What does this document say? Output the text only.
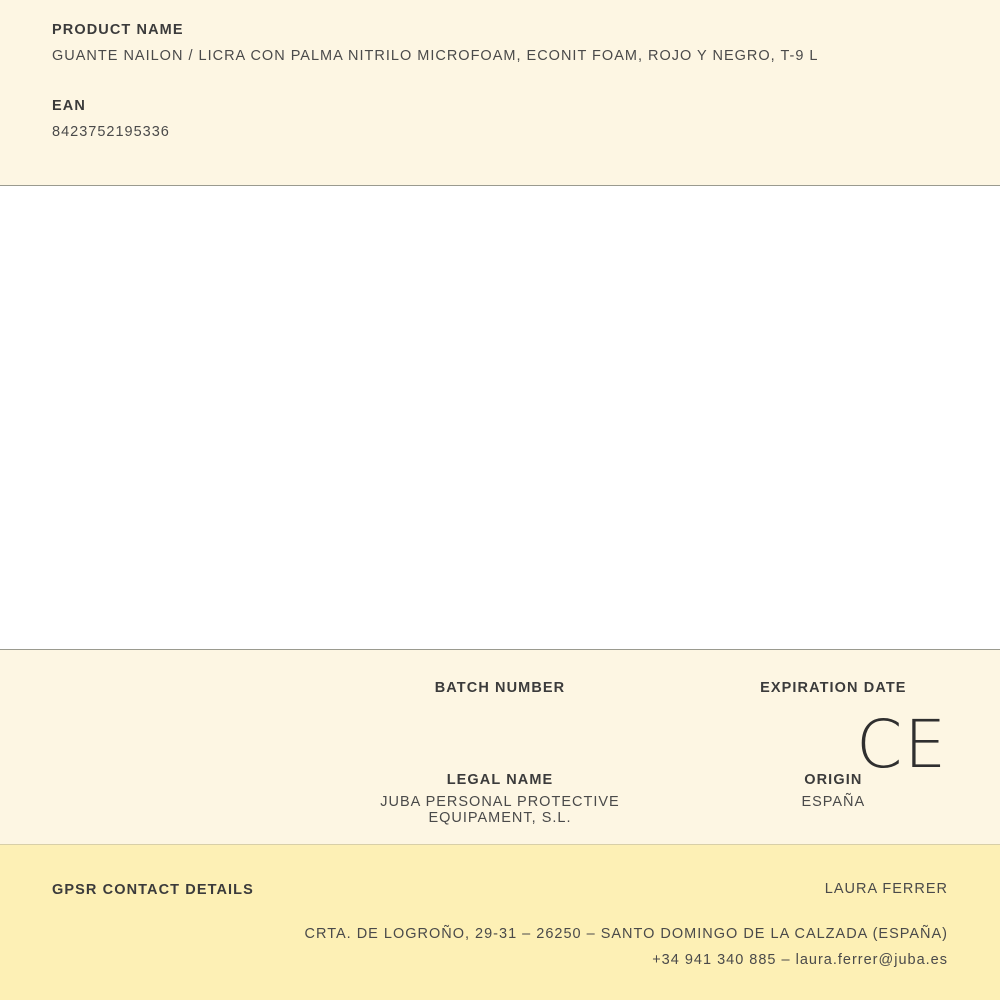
PRODUCT NAME

GUANTE NAILON / LICRA CON PALMA NITRILO MICROFOAM, ECONIT FOAM, ROJO Y NEGRO, T-9 L

EAN

8423752195336

BATCH NUMBER	EXPIRATION DATE

LEGAL NAME

JUBA PERSONAL PROTECTIVE EQUIPAMENT, S.L.

ORIGIN

ESPAÑA

CE

GPSR CONTACT DETAILS	LAURA FERRER
CRTA. DE LOGROÑO, 29-31 – 26250 – SANTO DOMINGO DE LA CALZADA (ESPAÑA)
+34 941 340 885 – laura.ferrer@juba.es
